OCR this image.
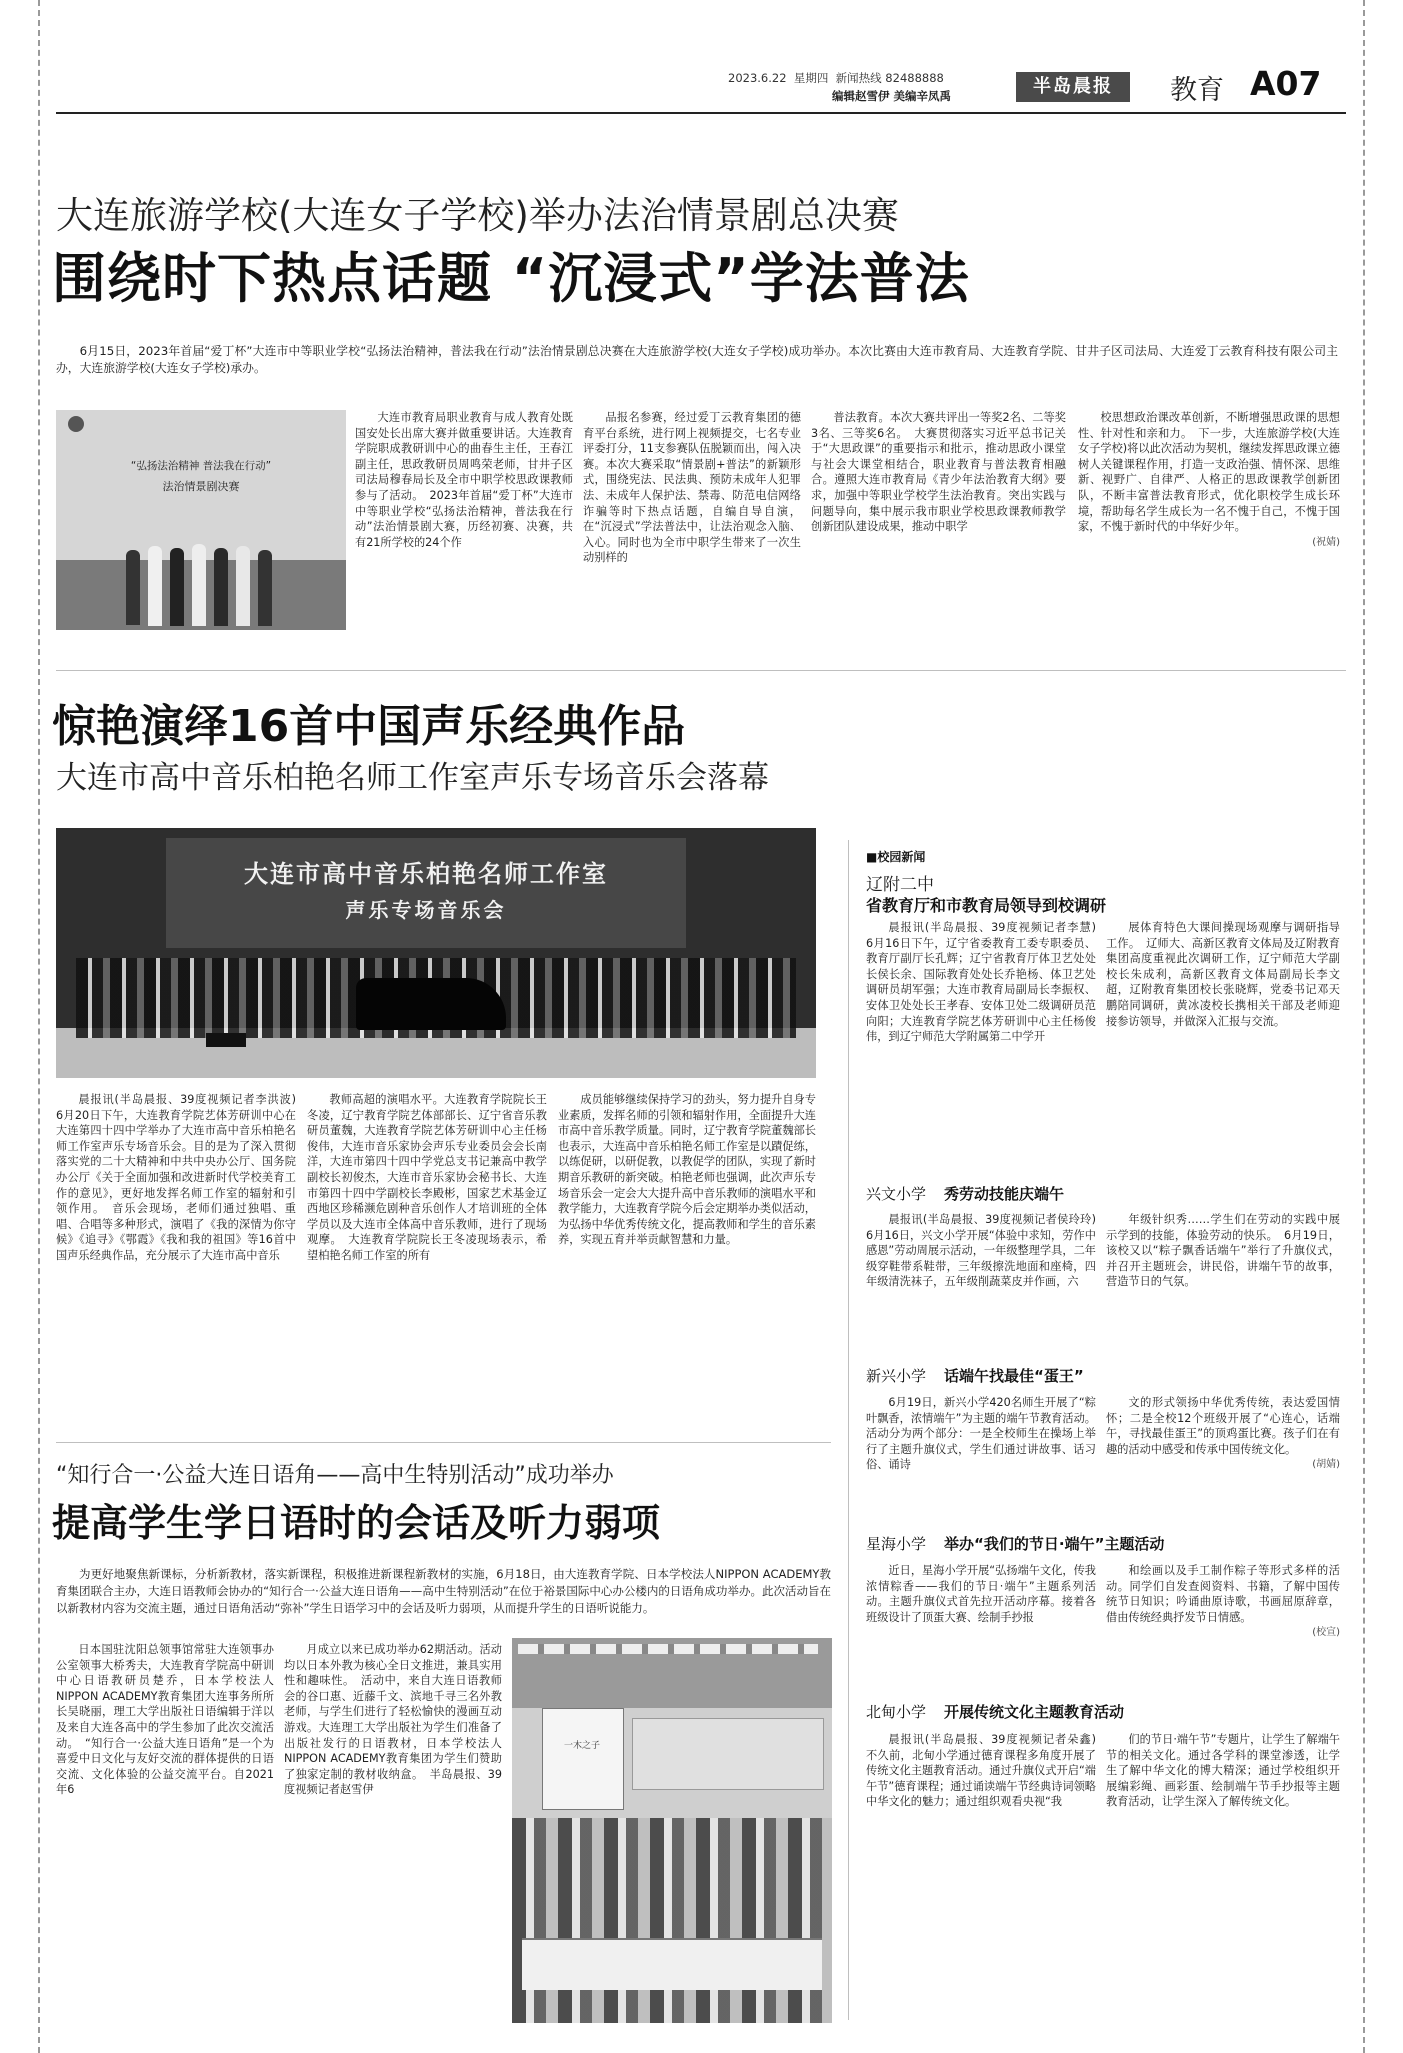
2023.6.22 星期四 新闻热线 82488888
编辑赵雪伊 美编辛凤禹	半岛晨报	教育 A07
大连旅游学校(大连女子学校)举办法治情景剧总决赛
围绕时下热点话题 “沉浸式”学法普法

6月15日，2023年首届“爱丁杯”大连市中等职业学校“弘扬法治精神，普法我在行动”法治情景剧总决赛在大连旅游学校(大连女子学校)成功举办。本次比赛由大连市教育局、大连教育学院、甘井子区司法局、大连爱丁云教育科技有限公司主办，大连旅游学校(大连女子学校)承办。

“弘扬法治精神 普法我在行动”
法治情景剧决赛

大连市教育局职业教育与成人教育处既国安处长出席大赛并做重要讲话。大连教育学院职成教研训中心的曲春生主任，王春江副主任，思政教研员周鸣荣老师，甘井子区司法局穆春局长及全市中职学校思政课教师参与了活动。　2023年首届“爱丁杯”大连市中等职业学校“弘扬法治精神，普法我在行动”法治情景剧大赛，历经初赛、决赛，共有21所学校的24个作

品报名参赛，经过爱丁云教育集团的德育平台系统，进行网上视频提交，七名专业评委打分，11支参赛队伍脱颖而出，闯入决赛。本次大赛采取“情景剧+普法”的新颖形式，围绕宪法、民法典、预防未成年人犯罪法、未成年人保护法、禁毒、防范电信网络诈骗等时下热点话题，自编自导自演，在“沉浸式”学法普法中，让法治观念入脑、入心。同时也为全市中职学生带来了一次生动别样的

普法教育。本次大赛共评出一等奖2名、二等奖3名、三等奖6名。　大赛贯彻落实习近平总书记关于“大思政课”的重要指示和批示，推动思政小课堂与社会大课堂相结合，职业教育与普法教育相融合。遵照大连市教育局《青少年法治教育大纲》要求，加强中等职业学校学生法治教育。突出实践与问题导向，集中展示我市职业学校思政课教师教学创新团队建设成果，推动中职学

校思想政治课改革创新，不断增强思政课的思想性、针对性和亲和力。　下一步，大连旅游学校(大连女子学校)将以此次活动为契机，继续发挥思政课立德树人关键课程作用，打造一支政治强、情怀深、思维新、视野广、自律严、人格正的思政课教学创新团队，不断丰富普法教育形式，优化职校学生成长环境，帮助每名学生成长为一名不愧于自己，不愧于国家，不愧于新时代的中华好少年。

(祝婧)
惊艳演绎16首中国声乐经典作品
大连市高中音乐柏艳名师工作室声乐专场音乐会落幕
大连市高中音乐柏艳名师工作室
声乐专场音乐会

晨报讯(半岛晨报、39度视频记者李洪波)　6月20日下午，大连教育学院艺体芳研训中心在大连第四十四中学举办了大连市高中音乐柏艳名师工作室声乐专场音乐会。目的是为了深入贯彻落实党的二十大精神和中共中央办公厅、国务院办公厅《关于全面加强和改进新时代学校美育工作的意见》，更好地发挥名师工作室的辐射和引领作用。　音乐会现场，老师们通过独唱、重唱、合唱等多种形式，演唱了《我的深情为你守候》《追寻》《鄂霞》《我和我的祖国》等16首中国声乐经典作品，充分展示了大连市高中音乐

教师高超的演唱水平。大连教育学院院长王冬凌，辽宁教育学院艺体部部长、辽宁省音乐教研员董魏，大连教育学院艺体芳研训中心主任杨俊伟，大连市音乐家协会声乐专业委员会会长南洋，大连市第四十四中学党总支书记兼高中教学副校长初俊杰，大连市音乐家协会秘书长、大连市第四十四中学副校长李殿彬，国家艺术基金辽西地区珍稀濒危剧种音乐创作人才培训班的全体学员以及大连市全体高中音乐教师，进行了现场观摩。　大连教育学院院长王冬凌现场表示，希望柏艳名师工作室的所有

成员能够继续保持学习的劲头，努力提升自身专业素质，发挥名师的引领和辐射作用，全面提升大连市高中音乐教学质量。同时，辽宁教育学院董魏部长也表示，大连高中音乐柏艳名师工作室是以蹟促练，以练促研，以研促教，以教促学的团队，实现了新时期音乐教研的新突破。柏艳老师也强调，此次声乐专场音乐会一定会大大提升高中音乐教师的演唱水平和教学能力，大连教育学院今后会定期举办类似活动，为弘扬中华优秀传统文化，提高教师和学生的音乐素养，实现五育并举贡献智慧和力量。

■校园新闻
辽附二中
省教育厅和市教育局领导到校调研

晨报讯(半岛晨报、39度视频记者李慧)　6月16日下午，辽宁省委教育工委专职委员、教育厅副厅长孔辉；辽宁省教育厅体卫艺处处长侯长余、国际教育处处长乔艳杨、体卫艺处调研员胡军强；大连市教育局副局长李振权、安体卫处处长王孝春、安体卫处二级调研员范向阳；大连教育学院艺体芳研训中心主任杨俊伟，到辽宁师范大学附属第二中学开

展体育特色大课间操现场观摩与调研指导工作。　辽师大、高新区教育文体局及辽附教育集团高度重视此次调研工作，辽宁师范大学副校长朱成利，高新区教育文体局副局长李文超，辽附教育集团校长张晓辉，党委书记邓天鹏陪同调研，黄冰凌校长携相关干部及老师迎接参访领导，并做深入汇报与交流。

兴文小学 秀劳动技能庆端午

晨报讯(半岛晨报、39度视频记者侯玲玲)　6月16日，兴文小学开展“体验中求知，劳作中感恩”劳动周展示活动，一年级整理学具，二年级穿鞋带系鞋带，三年级擦洗地面和座椅，四年级清洗袜子，五年级削蔬菜皮并作画，六

年级针织秀……学生们在劳动的实践中展示学到的技能，体验劳动的快乐。　6月19日，该校又以“粽子飘香话端午”举行了升旗仪式，并召开主题班会，讲民俗，讲端午节的故事，营造节日的气氛。

新兴小学 话端午找最佳“蛋王”

6月19日，新兴小学420名师生开展了“粽叶飘香，浓情端午”为主题的端午节教育活动。活动分为两个部分：一是全校师生在操场上举行了主题升旗仪式，学生们通过讲故事、话习俗、诵诗

文的形式领扬中华优秀传统，表达爱国情怀；二是全校12个班级开展了“心连心，话端午，寻找最佳蛋王”的顶鸡蛋比赛。孩子们在有趣的活动中感受和传承中国传统文化。

(胡婧)
星海小学 举办“我们的节日·端午”主题活动

近日，星海小学开展“弘扬端午文化，传我浓情粽香——我们的节日·端午”主题系列活动。主题升旗仪式首先拉开活动序幕。接着各班级设计了顶蛋大赛、绘制手抄报

和绘画以及手工制作粽子等形式多样的活动。同学们自发查阅资料、书籍，了解中国传统节日知识；吟诵曲原诗歌，书画屈原辞章，借由传统经典抒发节日情感。

(校宣)
北甸小学 开展传统文化主题教育活动

晨报讯(半岛晨报、39度视频记者朵鑫)　不久前，北甸小学通过德育课程多角度开展了传统文化主题教育活动。通过升旗仪式开启“端午节”德育课程；通过诵读端午节经典诗词领略中华文化的魅力；通过组织观看央视“我

们的节日·端午节”专题片，让学生了解端午节的相关文化。通过各学科的课堂渗透，让学生了解中华文化的博大精深；通过学校组织开展编彩绳、画彩蛋、绘制端午节手抄报等主题教育活动，让学生深入了解传统文化。

“知行合一·公益大连日语角——高中生特别活动”成功举办
提高学生学日语时的会话及听力弱项

为更好地聚焦新课标，分析新教材，落实新课程，积极推进新课程新教材的实施，6月18日，由大连教育学院、日本学校法人NIPPON ACADEMY教育集团联合主办，大连日语教师会协办的“知行合一·公益大连日语角——高中生特别活动”在位于裕景国际中心办公楼内的日语角成功举办。此次活动旨在以新教材内容为交流主题，通过日语角活动“弥补”学生日语学习中的会话及听力弱项，从而提升学生的日语听说能力。

日本国驻沈阳总领事馆常驻大连领事办公室领事大桥秀夫，大连教育学院高中研训中心日语教研员楚乔，日本学校法人NIPPON ACADEMY教育集团大连事务所所长吴晓丽，理工大学出版社日语编辑于洋以及来自大连各高中的学生参加了此次交流活动。　“知行合一·公益大连日语角”是一个为喜爱中日文化与友好交流的群体提供的日语交流、文化体验的公益交流平台。自2021年6

月成立以来已成功举办62期活动。活动均以日本外教为核心全日文推进，兼具实用性和趣味性。　活动中，来自大连日语教师会的谷口惠、近藤千文、滨地千寻三名外教老师，与学生们进行了轻松愉快的漫画互动游戏。大连理工大学出版社为学生们准备了出版社发行的日语教材，日本学校法人NIPPON ACADEMY教育集团为学生们赞助了独家定制的教材收纳盒。　半岛晨报、39度视频记者赵雪伊

一木之子
